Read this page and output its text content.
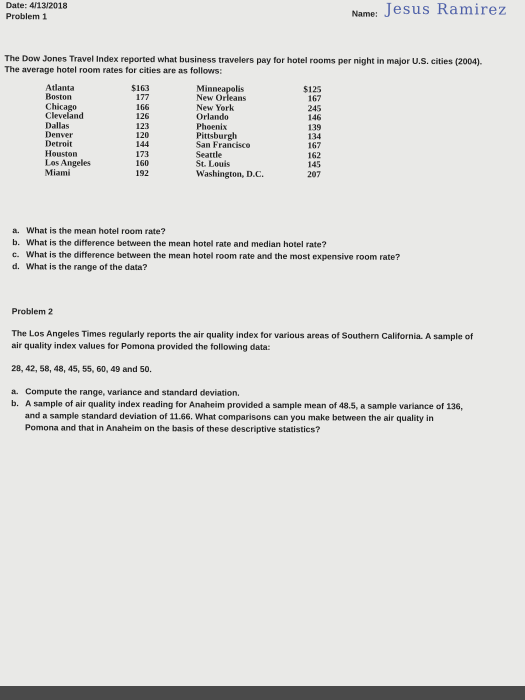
Date: 4/13/2018
Problem 1	Name: Jesus Ramirez
The Dow Jones Travel Index reported what business travelers pay for hotel rooms per night in major U.S. cities (2004).
The average hotel room rates for cities are as follows:
Atlanta
Boston
Chicago
Cleveland
Dallas
Denver
Detroit
Houston
Los Angeles
Miami
$163
177
166
126
123
120
144
173
160
192
Minneapolis
New Orleans
New York
Orlando
Phoenix
Pittsburgh
San Francisco
Seattle
St. Louis
Washington, D.C.
$125
167
245
146
139
134
167
162
145
207
a. What is the mean hotel room rate?
b. What is the difference between the mean hotel rate and median hotel rate?
c. What is the difference between the mean hotel room rate and the most expensive room rate?
d. What is the range of the data?
Problem 2
The Los Angeles Times regularly reports the air quality index for various areas of Southern California. A sample of
air quality index values for Pomona provided the following data:
28, 42, 58, 48, 45, 55, 60, 49 and 50.
a. Compute the range, variance and standard deviation.
b. A sample of air quality index reading for Anaheim provided a sample mean of 48.5, a sample variance of 136,
and a sample standard deviation of 11.66. What comparisons can you make between the air quality in
Pomona and that in Anaheim on the basis of these descriptive statistics?
